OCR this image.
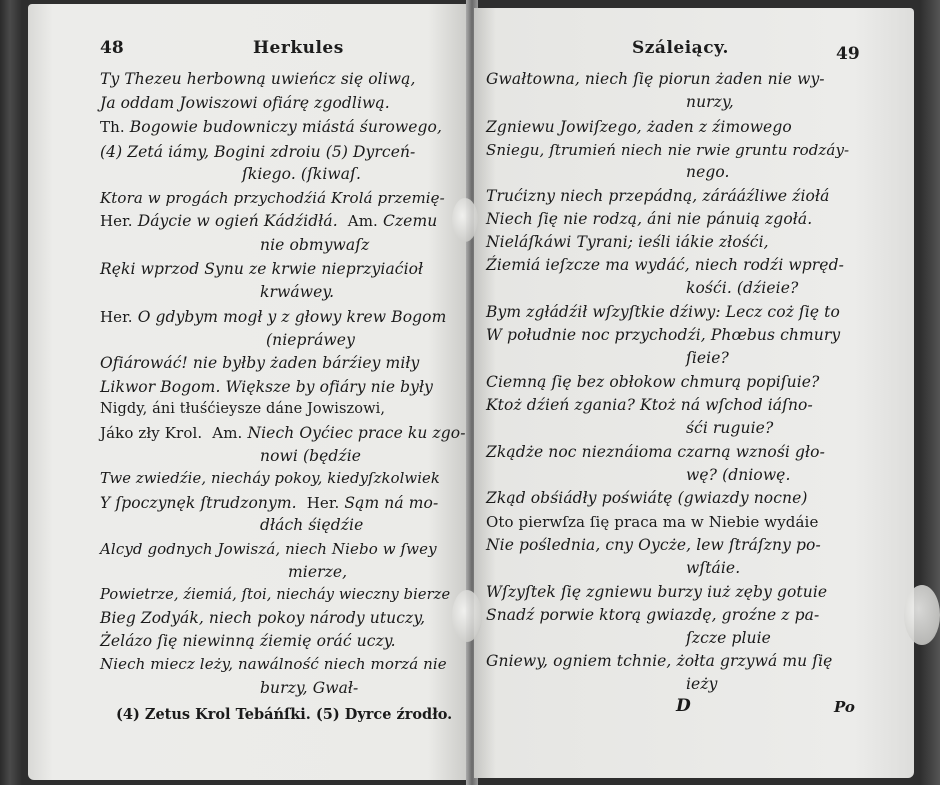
48	Herkules
Ty Thezeu herbowną uwieńcz się oliwą,
Ja oddam Jowiszowi ofiárę zgodliwą.
Th. Bogowie budowniczy miástá śurowego,
(4) Zetá iámy, Bogini zdroiu (5) Dyrceń-
ſkiego. (ſkiwaſ.
Ktora w progách przychodźiá Krolá przemię-
Her. Dáycie w ogień Kádźidłá. Am. Czemu
nie obmywaſz
Ręki wprzod Synu ze krwie nieprzyiaćioł
krwáwey.
Her. O gdybym mogł y z głowy krew Bogom
(niepráwey
Ofiárowáć! nie byłby żaden bárźiey miły
Likwor Bogom. Większe by ofiáry nie były
Nigdy, áni tłuśćieysze dáne Jowiszowi,
Jáko zły Krol. Am. Niech Oyćiec prace ku zgo-
nowi (będźie
Twe zwiedźie, niecháy pokoy, kiedyſzkolwiek
Y ſpoczynęk ſtrudzonym. Her. Sąm ná mo-
dłách śiędźie
Alcyd godnych Jowiszá, niech Niebo w ſwey
mierze,
Powietrze, źiemiá, ſtoi, niecháy wieczny bierze
Bieg Zodyák, niech pokoy národy utuczy,
Żelázo ſię niewinną źiemię oráć uczy.
Niech miecz leży, nawálność niech morzá nie
burzy, Gwał-
(4) Zetus Krol Tebáńſki. (5) Dyrce źrodło.
Száleiący.	49
Gwałtowna, niech ſię piorun żaden nie wy-
nurzy,
Zgniewu Jowiſzego, żaden z źimowego
Sniegu, ſtrumień niech nie rwie gruntu rodzáy-
nego.
Trućizny niech przepádną, zárááźliwe źiołá
Niech ſię nie rodzą, áni nie pánuią zgołá.
Nieláſkáwi Tyrani; ieśli iákie złośći,
Źiemiá ieſzcze ma wydáć, niech rodźi wpręd-
kośći. (dźieie?
Bym zgłádźił wſzyſtkie dźiwy: Lecz coż ſię to
W południe noc przychodźi, Phœbus chmury
ſieie?
Ciemną ſię bez obłokow chmurą popiſuie?
Ktoż dźień zgania? Ktoż ná wſchod iáſno-
śći ruguie?
Zkądże noc nieznáioma czarną wznośi gło-
wę? (dniowę.
Zkąd obśiádły poświátę (gwiazdy nocne)
Oto pierwſza ſię praca ma w Niebie wydáie
Nie poślednia, cny Oycże, lew ſtráſzny po-
wſtáie.
Wſzyſtek ſię zgniewu burzy iuż zęby gotuie
Snadź porwie ktorą gwiazdę, groźne z pa-
ſzcze pluie
Gniewy, ogniem tchnie, żołta grzywá mu ſię
ieży
D	Po
